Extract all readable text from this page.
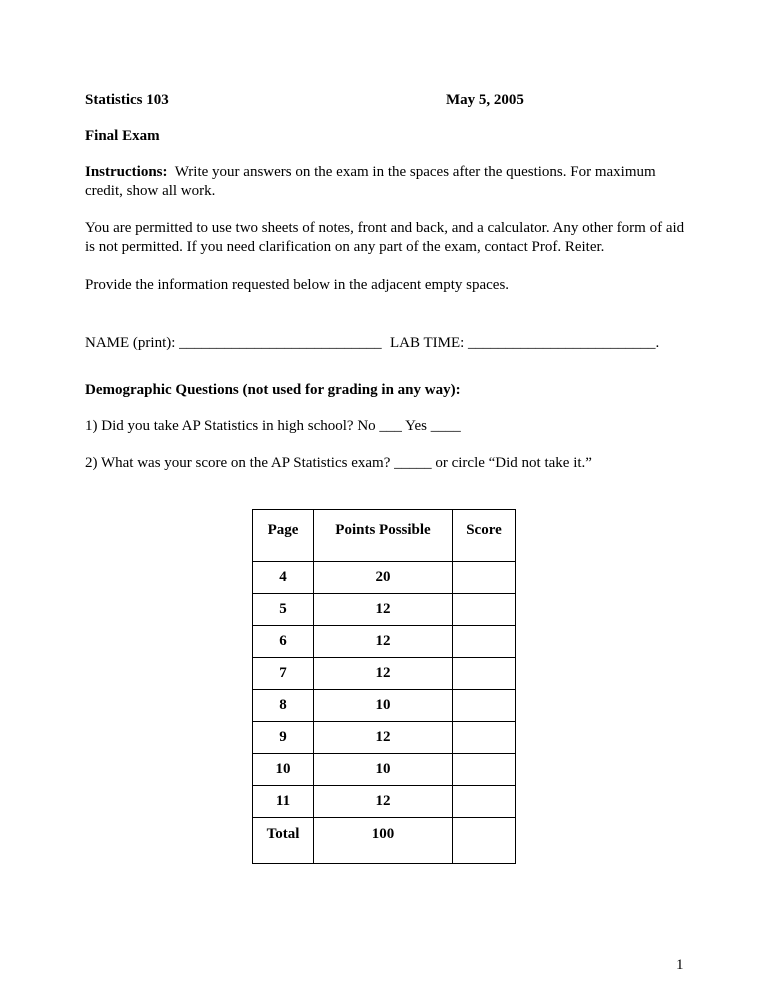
Statistics 103	May 5, 2005
Final Exam
Instructions: Write your answers on the exam in the spaces after the questions. For maximum credit, show all work.
You are permitted to use two sheets of notes, front and back, and a calculator. Any other form of aid is not permitted. If you need clarification on any part of the exam, contact Prof. Reiter.
Provide the information requested below in the adjacent empty spaces.
NAME (print): ___________________________ LAB TIME: _________________________.
Demographic Questions (not used for grading in any way):
1) Did you take AP Statistics in high school? No ___ Yes ____
2) What was your score on the AP Statistics exam? _____ or circle “Did not take it.”
Page	Points Possible	Score
4	20	
5	12	
6	12	
7	12	
8	10	
9	12	
10	10	
11	12	
Total	100	
1
